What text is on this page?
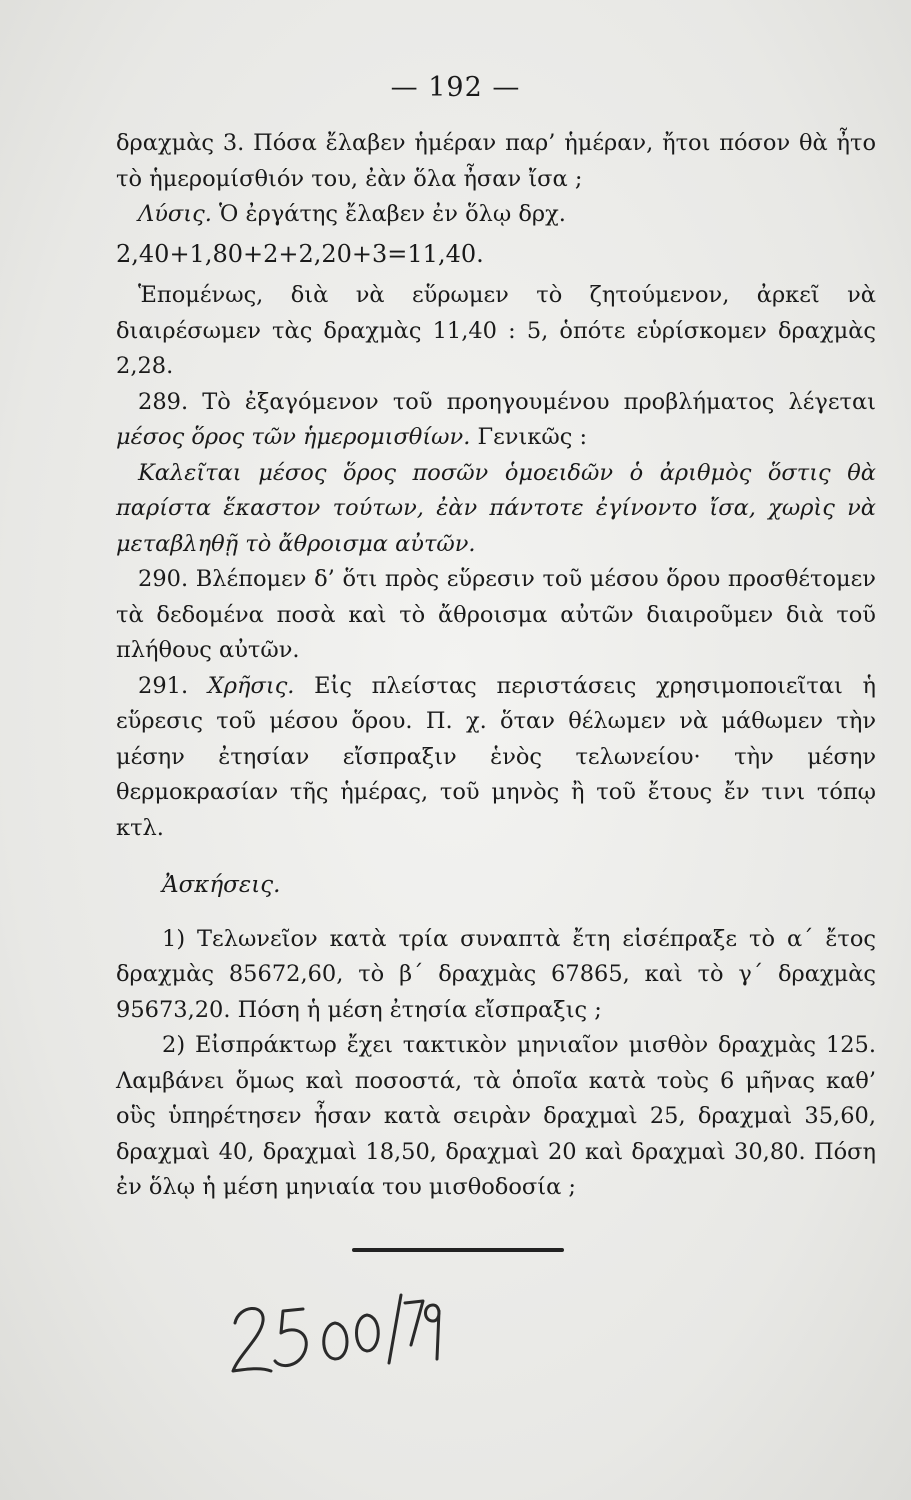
— 192 —

δραχμὰς 3. Πόσα ἔλαβεν ἡμέραν παρ’ ἡμέραν, ἤτοι πόσον θὰ ἦτο τὸ ἡμερομίσθιόν του, ἐὰν ὅλα ἦσαν ἴσα ;

Λύσις. Ὁ ἐργάτης ἔλαβεν ἐν ὅλῳ δρχ.

2,40+1,80+2+2,20+3=11,40.

Ἑπομένως, διὰ νὰ εὕρωμεν τὸ ζητούμενον, ἀρκεῖ νὰ διαιρέσωμεν τὰς δραχμὰς 11,40 : 5, ὁπότε εὑρίσκομεν δραχμὰς 2,28.

289. Τὸ ἐξαγόμενον τοῦ προηγουμένου προβλήματος λέγεται μέσος ὅρος τῶν ἡμερομισθίων. Γενικῶς :

Καλεῖται μέσος ὅρος ποσῶν ὁμοειδῶν ὁ ἀριθμὸς ὅστις θὰ παρίστα ἕκαστον τούτων, ἐὰν πάντοτε ἐγίνοντο ἴσα, χωρὶς νὰ μεταβληθῇ τὸ ἄθροισμα αὐτῶν.

290. Βλέπομεν δ’ ὅτι πρὸς εὕρεσιν τοῦ μέσου ὅρου προσθέτομεν τὰ δεδομένα ποσὰ καὶ τὸ ἄθροισμα αὐτῶν διαιροῦμεν διὰ τοῦ πλήθους αὐτῶν.

291. Χρῆσις. Εἰς πλείστας περιστάσεις χρησιμοποιεῖται ἡ εὕρεσις τοῦ μέσου ὅρου. Π. χ. ὅταν θέλωμεν νὰ μάθωμεν τὴν μέσην ἐτησίαν εἴσπραξιν ἑνὸς τελωνείου· τὴν μέσην θερμοκρασίαν τῆς ἡμέρας, τοῦ μηνὸς ἢ τοῦ ἔτους ἔν τινι τόπῳ κτλ.

Ἀσκήσεις.

1) Τελωνεῖον κατὰ τρία συναπτὰ ἔτη εἰσέπραξε τὸ α΄ ἔτος δραχμὰς 85672,60, τὸ β΄ δραχμὰς 67865, καὶ τὸ γ΄ δραχμὰς 95673,20. Πόση ἡ μέση ἐτησία εἴσπραξις ;

2) Εἰσπράκτωρ ἔχει τακτικὸν μηνιαῖον μισθὸν δραχμὰς 125. Λαμβάνει ὅμως καὶ ποσοστά, τὰ ὁποῖα κατὰ τοὺς 6 μῆνας καθ’ οὓς ὑπηρέτησεν ἦσαν κατὰ σειρὰν δραχμαὶ 25, δραχμαὶ 35,60, δραχμαὶ 40, δραχμαὶ 18,50, δραχμαὶ 20 καὶ δραχμαὶ 30,80. Πόση ἐν ὅλῳ ἡ μέση μηνιαία του μισθοδοσία ;
